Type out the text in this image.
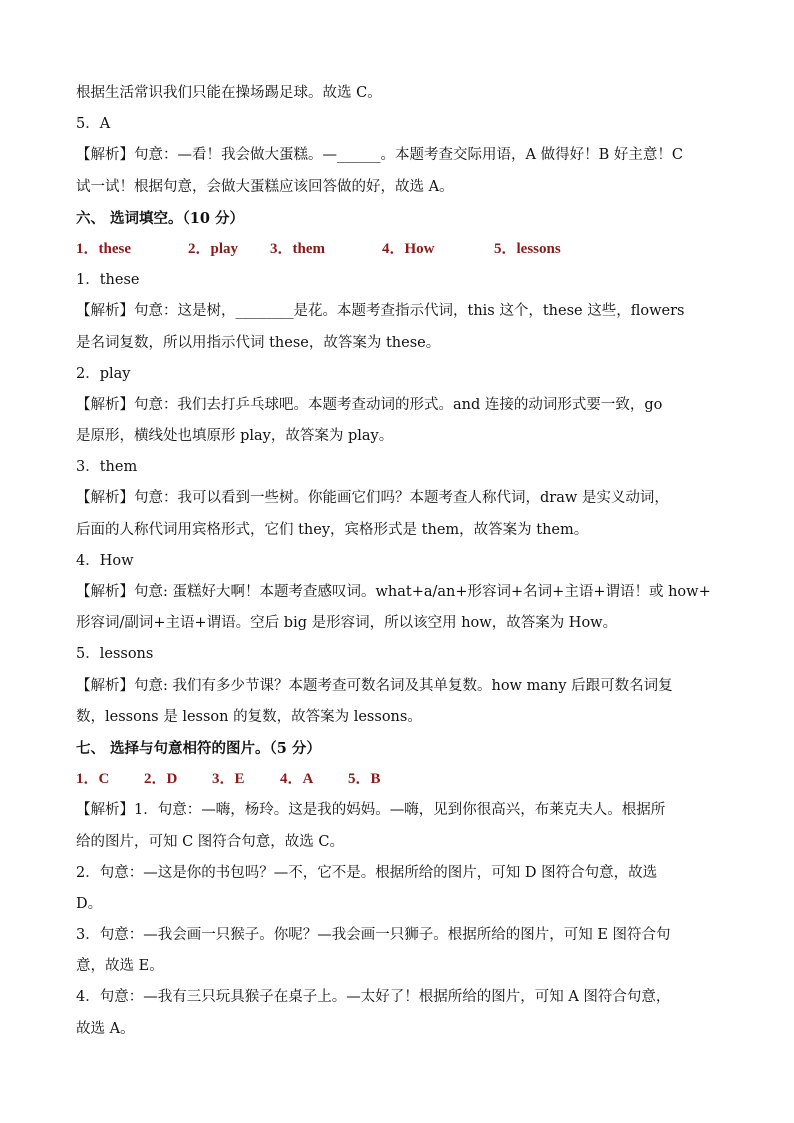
根据生活常识我们只能在操场踢足球。故选 C。
5．A
【解析】句意：—看！我会做大蛋糕。—______。本题考查交际用语，A 做得好！B 好主意！C
试一试！根据句意，会做大蛋糕应该回答做的好，故选 A。
六、 选词填空。（10 分）
1．these	2．play 3．them	4．How	5．lessons
1．these
【解析】句意：这是树，________是花。本题考查指示代词，this 这个，these 这些，flowers
是名词复数，所以用指示代词 these，故答案为 these。
2．play
【解析】句意：我们去打乒乓球吧。本题考查动词的形式。and 连接的动词形式要一致，go
是原形，横线处也填原形 play，故答案为 play。
3．them
【解析】句意：我可以看到一些树。你能画它们吗？本题考查人称代词，draw 是实义动词，
后面的人称代词用宾格形式，它们 they，宾格形式是 them，故答案为 them。
4．How
【解析】句意: 蛋糕好大啊！本题考查感叹词。what+a/an+形容词+名词+主语+谓语！或 how+
形容词/副词+主语+谓语。空后 big 是形容词，所以该空用 how，故答案为 How。
5．lessons
【解析】句意: 我们有多少节课？本题考查可数名词及其单复数。how many 后跟可数名词复
数，lessons 是 lesson 的复数，故答案为 lessons。
七、 选择与句意相符的图片。（5 分）
1．C 2．D 3．E 4．A 5．B
【解析】1．句意：—嗨，杨玲。这是我的妈妈。—嗨，见到你很高兴，布莱克夫人。根据所
给的图片，可知 C 图符合句意，故选 C。
2．句意：—这是你的书包吗？—不，它不是。根据所给的图片，可知 D 图符合句意，故选
D。
3．句意：—我会画一只猴子。你呢？—我会画一只狮子。根据所给的图片，可知 E 图符合句
意，故选 E。
4．句意：—我有三只玩具猴子在桌子上。—太好了！根据所给的图片，可知 A 图符合句意，
故选 A。
